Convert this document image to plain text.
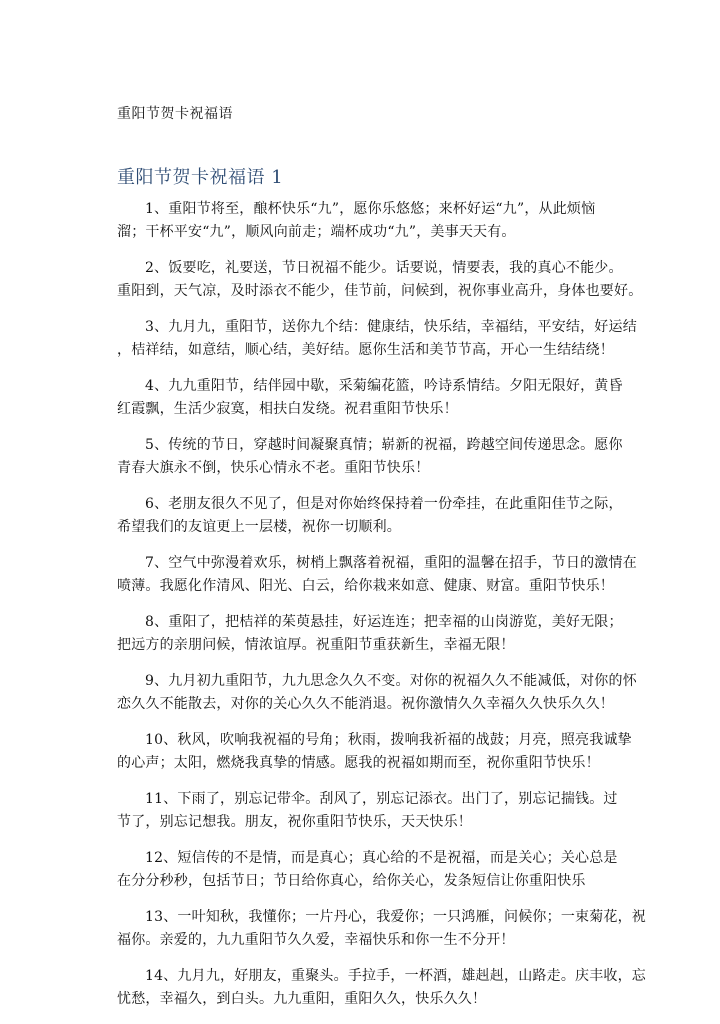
重阳节贺卡祝福语
重阳节贺卡祝福语 1
1、重阳节将至，酿杯快乐“九”，愿你乐悠悠；来杯好运“九”，从此烦恼
溜；干杯平安“九”，顺风向前走；端杯成功“九”，美事天天有。
2、饭要吃，礼要送，节日祝福不能少。话要说，情要表，我的真心不能少。
重阳到，天气凉，及时添衣不能少，佳节前，问候到，祝你事业高升，身体也要好。
3、九月九，重阳节，送你九个结：健康结，快乐结，幸福结，平安结，好运结
，桔祥结，如意结，顺心结，美好结。愿你生活和美节节高，开心一生结结绕！
4、九九重阳节，结伴园中歇，采菊编花篮，吟诗系情结。夕阳无限好，黄昏
红霞飘，生活少寂寞，相扶白发绕。祝君重阳节快乐！
5、传统的节日，穿越时间凝聚真情；崭新的祝福，跨越空间传递思念。愿你
青春大旗永不倒，快乐心情永不老。重阳节快乐！
6、老朋友很久不见了，但是对你始终保持着一份牵挂，在此重阳佳节之际，
希望我们的友谊更上一层楼，祝你一切顺利。
7、空气中弥漫着欢乐，树梢上飘落着祝福，重阳的温馨在招手，节日的激情在
喷薄。我愿化作清风、阳光、白云，给你栽来如意、健康、财富。重阳节快乐！
8、重阳了，把桔祥的茱萸悬挂，好运连连；把幸福的山岗游览，美好无限；
把远方的亲朋问候，情浓谊厚。祝重阳节重获新生，幸福无限！
9、九月初九重阳节，九九思念久久不变。对你的祝福久久不能减低，对你的怀
恋久久不能散去，对你的关心久久不能消退。祝你激情久久幸福久久快乐久久！
10、秋风，吹响我祝福的号角；秋雨，拨响我祈福的战鼓；月亮，照亮我诚挚
的心声；太阳，燃烧我真挚的情感。愿我的祝福如期而至，祝你重阳节快乐！
11、下雨了，别忘记带伞。刮风了，别忘记添衣。出门了，别忘记揣钱。过
节了，别忘记想我。朋友，祝你重阳节快乐，天天快乐！
12、短信传的不是情，而是真心；真心给的不是祝福，而是关心；关心总是
在分分秒秒，包括节日；节日给你真心，给你关心，发条短信让你重阳快乐
13、一叶知秋，我懂你；一片丹心，我爱你；一只鸿雁，问候你；一束菊花，祝
福你。亲爱的，九九重阳节久久爱，幸福快乐和你一生不分开！
14、九月九，好朋友，重聚头。手拉手，一杯酒，雄赳赳，山路走。庆丰收，忘
忧愁，幸福久，到白头。九九重阳，重阳久久，快乐久久！
